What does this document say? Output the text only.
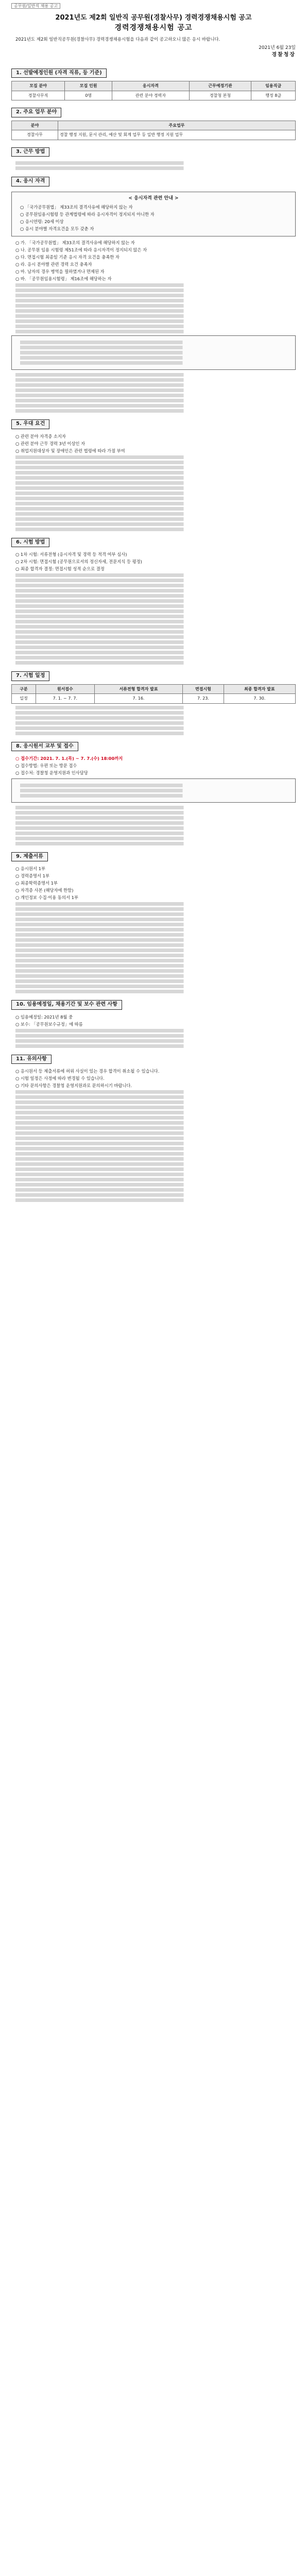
공무원/일반직 채용 공고
2021년도 제2회 일반직 공무원(경찰사무) 경력경쟁채용시험 공고
경력경쟁채용시험 공고
2021년도 제2회 일반직공무원(경찰사무) 경력경쟁채용시험을 다음과 같이 공고하오니 많은 응시 바랍니다.
2021년 6월 23일
경찰청장
1. 선발예정인원 (자격 직류, 등 기준)
모집 분야	모집 인원	응시자격	근무예정기관	임용직급
경찰사무직	0명	관련 분야 경력자	경찰청 본청	행정 8급
2. 주요 업무 분야
분야	주요업무
경찰사무	경찰 행정 지원, 문서 관리, 예산 및 회계 업무 등 일반 행정 지원 업무
3. 근무 방법
4. 응시 자격
< 응시자격 관련 안내 >
○ 「국가공무원법」 제33조의 결격사유에 해당하지 않는 자
○ 공무원임용시험령 등 관계법령에 따라 응시자격이 정지되지 아니한 자
○ 응시연령: 20세 이상
○ 응시 분야별 자격요건을 모두 갖춘 자
○ 가. 「국가공무원법」 제33조의 결격사유에 해당하지 않는 자
○ 나. 공무원 임용 시험령 제51조에 따라 응시자격이 정지되지 않은 자
○ 다. 면접시험 최종일 기준 응시 자격 요건을 충족한 자
○ 라. 응시 분야별 관련 경력 요건 충족자
○ 마. 남자의 경우 병역을 필하였거나 면제된 자
○ 바. 「공무원임용시험령」 제16조에 해당하는 자
5. 우대 요건
○ 관련 분야 자격증 소지자
○ 관련 분야 근무 경력 3년 이상인 자
○ 취업지원대상자 및 장애인은 관련 법령에 따라 가점 부여
6. 시험 방법
○ 1차 시험: 서류전형 (응시자격 및 경력 등 적격 여부 심사)
○ 2차 시험: 면접시험 (공무원으로서의 정신자세, 전문지식 등 평정)
○ 최종 합격자 결정: 면접시험 성적 순으로 결정
7. 시험 일정
구분	원서접수	서류전형 합격자 발표	면접시험	최종 합격자 발표
일정	7. 1. ~ 7. 7.	7. 16.	7. 23.	7. 30.
8. 응시원서 교부 및 접수
○ 접수기간: 2021. 7. 1.(목) ~ 7. 7.(수) 18:00까지
○ 접수방법: 우편 또는 방문 접수
○ 접수처: 경찰청 운영지원과 인사담당
9. 제출서류
○ 응시원서 1부
○ 경력증명서 1부
○ 최종학력증명서 1부
○ 자격증 사본 (해당자에 한함)
○ 개인정보 수집·이용 동의서 1부
10. 임용예정일, 채용기간 및 보수 관련 사항
○ 임용예정일: 2021년 8월 중
○ 보수: 「공무원보수규정」에 따름
11. 유의사항
○ 응시원서 등 제출서류에 허위 사실이 있는 경우 합격이 취소될 수 있습니다.
○ 시험 일정은 사정에 따라 변경될 수 있습니다.
○ 기타 문의사항은 경찰청 운영지원과로 문의하시기 바랍니다.
